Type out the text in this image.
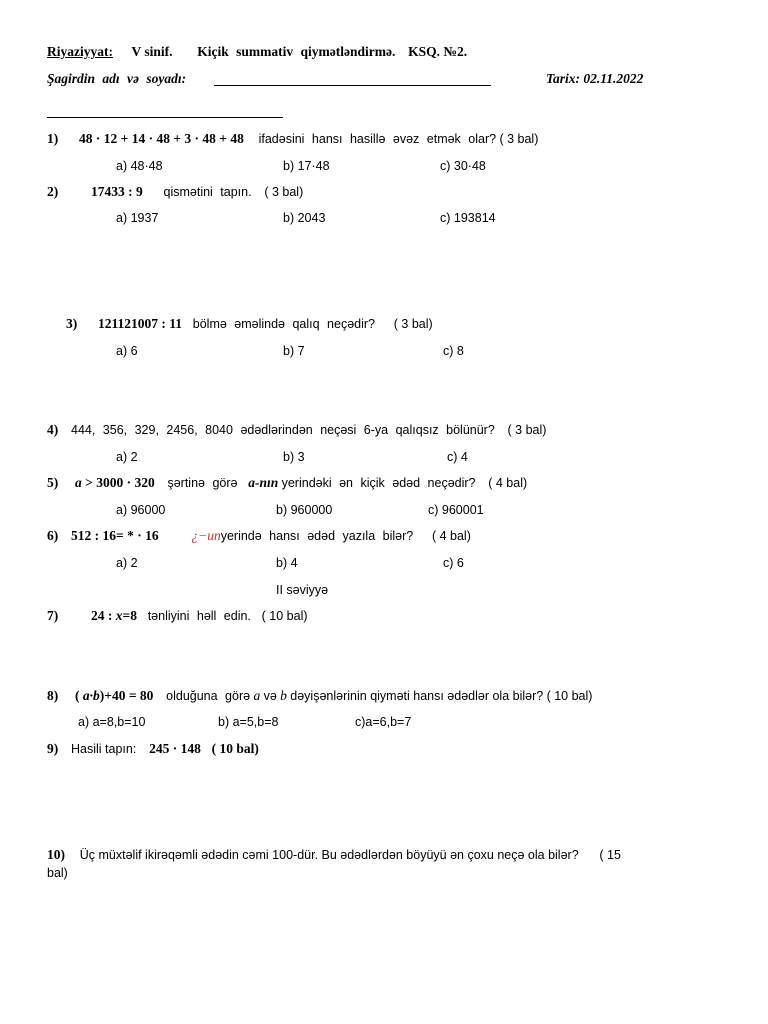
Riyaziyyat: V sinif. Kiçik summativ qiymətləndirmə. KSQ. №2.
Şagirdin adı və soyadı:	Tarix: 02.11.2022
1) 48 · 12 + 14 · 48 + 3 · 48 + 48 ifadəsini hansı hasillə əvəz etmək olar? ( 3 bal)
a) 48·48	b) 17·48	c) 30·48
2) 17433 : 9 qismətini tapın. ( 3 bal)
a) 1937	b) 2043	c) 193814
3) 121121007 : 11 bölmə əməlində qalıq neçədir? ( 3 bal)
a) 6	b) 7	c) 8
4) 444, 356, 329, 2456, 8040 ədədlərindən neçəsi 6-ya qalıqsız bölünür? ( 3 bal)
a) 2	b) 3	c) 4
5) a > 3000 · 320 şərtinə görə a-nın yerindəki ən kiçik ədəd neçədir? ( 4 bal)
a) 96000	b) 960000	c) 960001
6) 512 : 16= * · 16 ¿−unyerində hansı ədəd yazıla bilər? ( 4 bal)
a) 2	b) 4	c) 6
II səviyyə
7) 24 : x=8 tənliyini həll edin. ( 10 bal)
8) ( a·b)+40 = 80 olduğuna görə a və b dəyişənlərinin qiyməti hansı ədədlər ola bilər? ( 10 bal)
a) a=8,b=10	b) a=5,b=8	c)a=6,b=7
9) Hasili tapın: 245 · 148 ( 10 bal)
10) Üç müxtəlif ikirəqəmli ədədin cəmi 100-dür. Bu ədədlərdən böyüyü ən çoxu neçə ola bilər? ( 15
bal)
